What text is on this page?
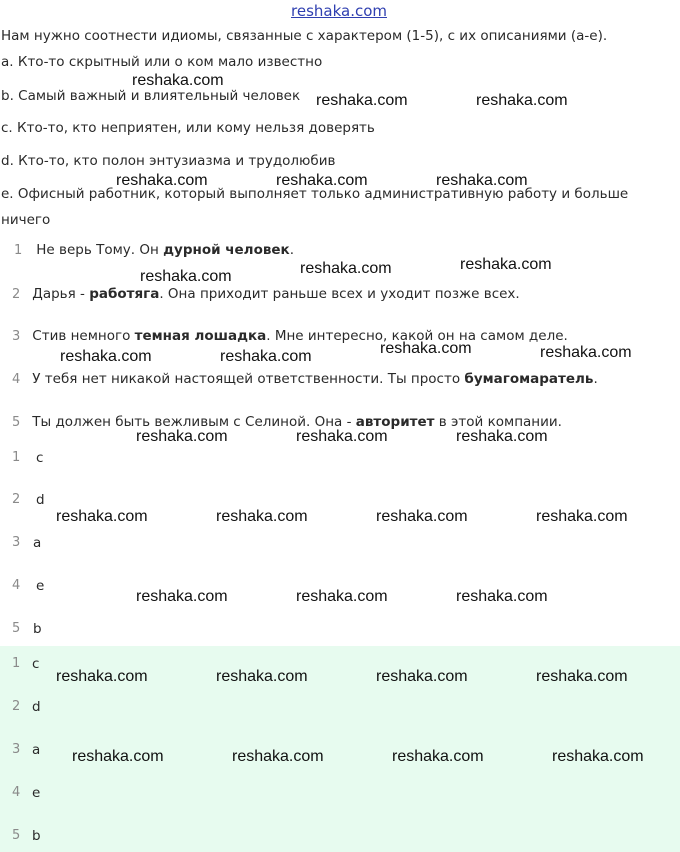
reshaka.com
Нам нужно соотнести идиомы, связанные с характером (1-5), с их описаниями (a-e).
a. Кто-то скрытный или о ком мало известно
b. Самый важный и влиятельный человек
c. Кто-то, кто неприятен, или кому нельзя доверять
d. Кто-то, кто полон энтузиазма и трудолюбив
e. Офисный работник, который выполняет только административную работу и больше
ничего
1 Не верь Тому. Он дурной человек.
2 Дарья - работяга. Она приходит раньше всех и уходит позже всех.
3 Стив немного темная лошадка. Мне интересно, какой он на самом деле.
4 У тебя нет никакой настоящей ответственности. Ты просто бумагомаратель.
5 Ты должен быть вежливым с Селиной. Она - авторитет в этой компании.
1 c
2 d
3 a
4 e
5 b
1 c
2 d
3 a
4 e
5 b
reshaka.com
reshaka.com	reshaka.com
reshaka.com	reshaka.com	reshaka.com
reshaka.com	reshaka.com	reshaka.com
reshaka.com	reshaka.com	reshaka.com	reshaka.com
reshaka.com	reshaka.com	reshaka.com
reshaka.com	reshaka.com	reshaka.com	reshaka.com
reshaka.com	reshaka.com	reshaka.com
reshaka.com	reshaka.com	reshaka.com	reshaka.com
reshaka.com	reshaka.com	reshaka.com	reshaka.com
